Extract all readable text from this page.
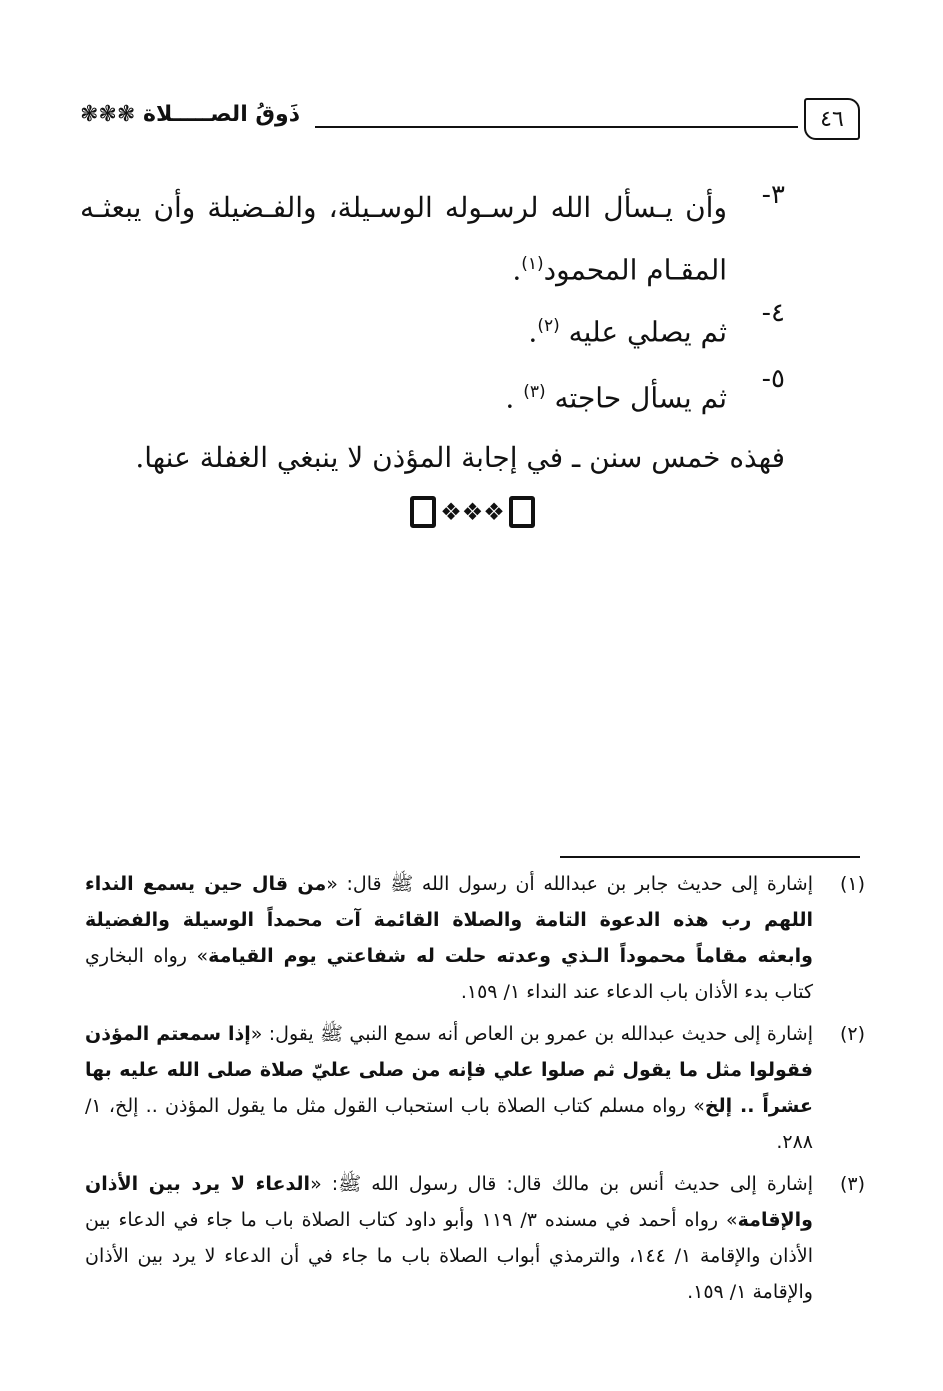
٤٦
ذَوقُ الصـــــلاة ❃❃❃
٣-
وأن يـسأل الله لرسـوله الوسـيلة، والفـضيلة وأن يبعثـه المقـام المحمود$^{(١)}$.
٤-
ثم يصلي عليه $^{(٢)}$.
٥-
ثم يسأل حاجته $^{(٣)}$ .
فهذه خمس سنن ـ في إجابة المؤذن لا ينبغي الغفلة عنها.
❖❖❖
(١)
إشارة إلى حديث جابر بن عبدالله أن رسول الله ﷺ قال: «من قال حين يسمع النداء اللهم رب هذه الدعوة التامة والصلاة القائمة آت محمداً الوسيلة والفضيلة وابعثه مقاماً محموداً الـذي وعدته حلت له شفاعتي يوم القيامة» رواه البخاري كتاب بدء الأذان باب الدعاء عند النداء ١/ ١٥٩.
(٢)
إشارة إلى حديث عبدالله بن عمرو بن العاص أنه سمع النبي ﷺ يقول: «إذا سمعتم المؤذن فقولوا مثل ما يقول ثم صلوا علي فإنه من صلى عليّ صلاة صلى الله عليه بها عشراً .. إلخ» رواه مسلم كتاب الصلاة باب استحباب القول مثل ما يقول المؤذن .. إلخ، ١/ ٢٨٨.
(٣)
إشارة إلى حديث أنس بن مالك قال: قال رسول الله ﷺ: «الدعاء لا يرد بين الأذان والإقامة» رواه أحمد في مسنده ٣/ ١١٩ وأبو داود كتاب الصلاة باب ما جاء في الدعاء بين الأذان والإقامة ١/ ١٤٤، والترمذي أبواب الصلاة باب ما جاء في أن الدعاء لا يرد بين الأذان والإقامة ١/ ١٥٩.
